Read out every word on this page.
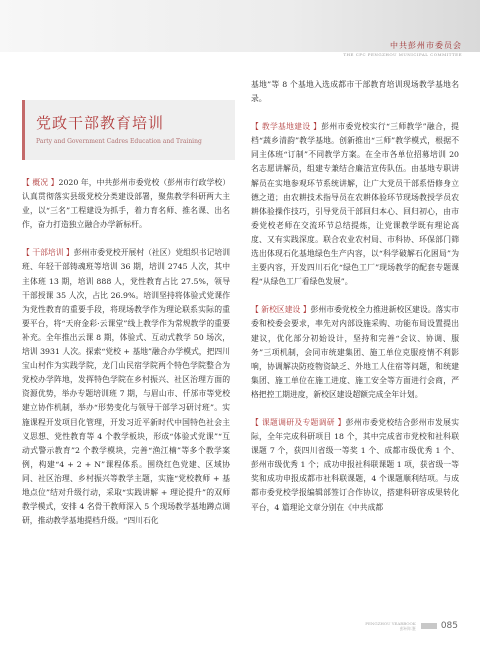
中共彭州市委员会
THE CPC PENGZHOU MUNICIPAL COMMITTEE
党政干部教育培训
Party and Government Cadres Education and Training

【 概况 】2020 年，中共彭州市委党校（彭州市行政学校）认真贯彻落实县级党校分类建设部署，聚焦教学科研两大主业，以“三名”工程建设为抓手，着力育名师、推名课、出名作，奋力打造独立融合办学新标杆。

【 干部培训 】彭州市委党校开展村（社区）党组织书记培训班、年轻干部铸魂班等培训 36 期，培训 2745 人次，其中主体班 13 期，培训 888 人，党性教育占比 27.5%，领导干部授课 35 人次，占比 26.9%。培训坚持将体验式党课作为党性教育的重要手段，将现场教学作为理论联系实际的重要平台，将“天府金彩·云课堂”线上教学作为常规教学的重要补充。全年推出云课 8 期，体验式、互动式教学 50 场次，培训 3931 人次。探索“党校 + 基地”融合办学模式，把四川宝山村作为实践学院，龙门山民宿学院两个特色学院整合为党校办学阵地，发挥特色学院在乡村振兴、社区治理方面的资源优势，举办专题培训班 7 期，与眉山市、仟邡市等党校建立协作机制，举办“形势变化与领导干部学习研讨班”。实施课程开发项目化管理，开发习近平新时代中国特色社会主义思想、党性教育等 4 个教学板块，形成“体验式党课”“互动式警示教育”2 个教学模块，完善“渔江楠”等多个教学案例，构建“4 + 2 + N”课程体系。围绕红色党建、区域协同、社区治理、乡村振兴等教学主题，实施“党校教师 + 基地点位”结对升级行动，采取“实践讲解 + 理论提升”的双师教学模式，安排 4 名骨干教师深入 5 个现场教学基地蹲点调研，推动教学基地提档升级。“四川石化

基地”等 8 个基地入选成都市干部教育培训现场教学基地名录。

【 教学基地建设 】彭州市委党校实行“三师教学”融合，提档“蔬乡清韵”教学基地。创新推出“三师”教学模式，根据不同主体班“订制”不同教学方案。在全市各单位招募培训 20 名志愿讲解员，组建专兼结合廉洁宣传队伍。由基地专职讲解员在实地参观环节系统讲解，让广大党员干部系悟修身立德之道；由农耕技术指导员在农耕体验环节现场教授学员农耕体验操作技巧，引导党员干部回归本心、回归初心，由市委党校老师在交流环节总结提炼，让党课教学既有理论高度、又有实践深度。联合农业农村局、市科协、环保部门筛选出体现石化基地绿色生产内容，以“科学破解石化困局”为主要内容，开发四川石化“绿色工厂”现场教学的配套专题课程“从绿色工厂看绿色发展”。

【 新校区建设 】彭州市委党校全力推进新校区建设。落实市委和校委会要求，率先对内部设施采购、功能布局设置提出建议，优化部分初始设计，坚持和完善“会议、协调、服务”三项机制，会同市统建集团、施工单位克服疫情不利影响，协调解决防疫物资缺乏、外地工人住宿等问题，和统建集团、施工单位在施工进度、施工安全等方面进行会商，严格把控工期进度，新校区建设超额完成全年计划。

【 课题调研及专题调研 】彭州市委党校结合彭州市发展实际，全年完成科研项目 18 个，其中完成省市党校和社科联课题 7 个，获四川省级一等奖 1 个、成都市级优秀 1 个、彭州市级优秀 1 个；成功申报社科联课题 1 项，获省级一等奖和成功申报成都市社科联课题，4 个课题顺利结项。与成都市委党校学报编辑部签订合作协议，搭建科研容成果转化平台，4 篇理论文章分别在《中共成都

PENGZHOU YEARBOOK
彭州年鉴	085
